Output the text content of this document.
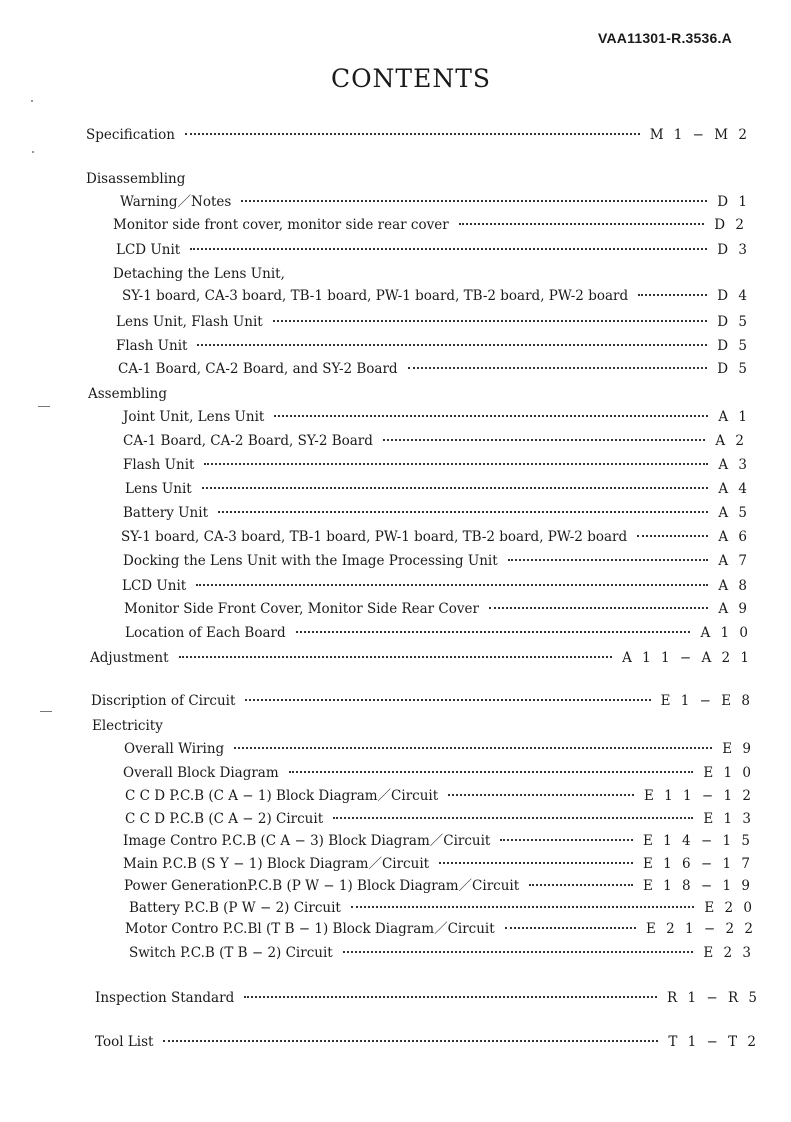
VAA11301-R.3536.A
CONTENTS
Specification	M 1 − M 2
Disassembling
Warning／Notes	D 1
Monitor side front cover, monitor side rear cover	D 2
LCD Unit	D 3
Detaching the Lens Unit,
SY-1 board, CA-3 board, TB-1 board, PW-1 board, TB-2 board, PW-2 board	D 4
Lens Unit, Flash Unit	D 5
Flash Unit	D 5
CA-1 Board, CA-2 Board, and SY-2 Board	D 5
Assembling
Joint Unit, Lens Unit	A 1
CA-1 Board, CA-2 Board, SY-2 Board	A 2
Flash Unit	A 3
Lens Unit	A 4
Battery Unit	A 5
SY-1 board, CA-3 board, TB-1 board, PW-1 board, TB-2 board, PW-2 board	A 6
Docking the Lens Unit with the Image Processing Unit	A 7
LCD Unit	A 8
Monitor Side Front Cover, Monitor Side Rear Cover	A 9
Location of Each Board	A 1 0
Adjustment	A 1 1 − A 2 1
Discription of Circuit	E 1 − E 8
Electricity
Overall Wiring	E 9
Overall Block Diagram	E 1 0
C C D P.C.B (C A − 1) Block Diagram／Circuit	E 1 1 − 1 2
C C D P.C.B (C A − 2) Circuit	E 1 3
Image Contro P.C.B (C A − 3) Block Diagram／Circuit	E 1 4 − 1 5
Main P.C.B (S Y − 1) Block Diagram／Circuit	E 1 6 − 1 7
Power GenerationP.C.B (P W − 1) Block Diagram／Circuit	E 1 8 − 1 9
Battery P.C.B (P W − 2) Circuit	E 2 0
Motor Contro P.C.Bl (T B − 1) Block Diagram／Circuit	E 2 1 − 2 2
Switch P.C.B (T B − 2) Circuit	E 2 3
Inspection Standard	R 1 − R 5
Tool List	T 1 − T 2
